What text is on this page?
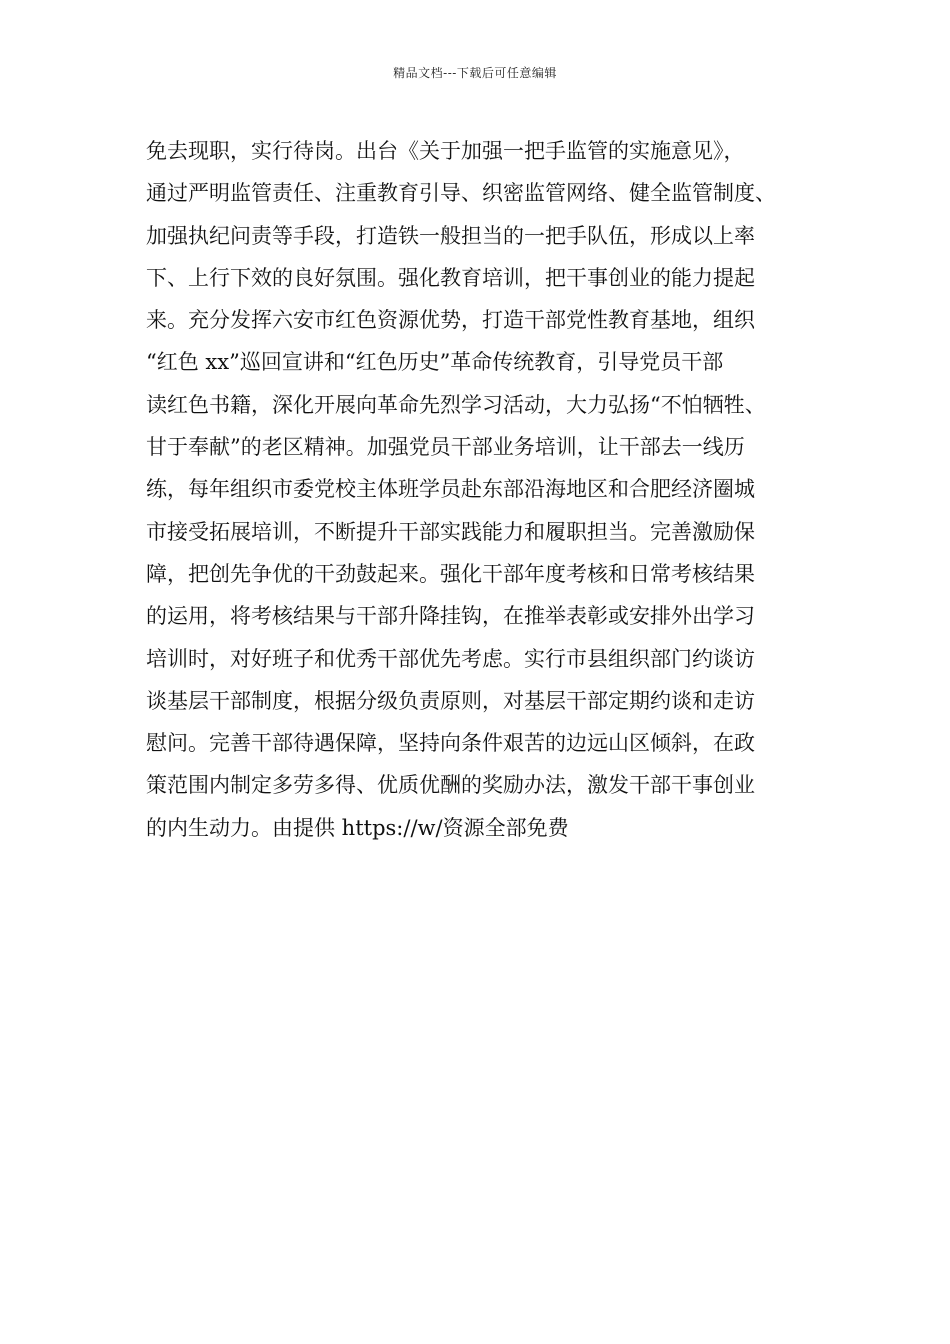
精品文档---下载后可任意编辑
免去现职，实行待岗。出台《关于加强一把手监管的实施意见》，
通过严明监管责任、注重教育引导、织密监管网络、健全监管制度、
加强执纪问责等手段，打造铁一般担当的一把手队伍，形成以上率
下、上行下效的良好氛围。强化教育培训，把干事创业的能力提起
来。充分发挥六安市红色资源优势，打造干部党性教育基地，组织
“红色 xx”巡回宣讲和“红色历史”革命传统教育，引导党员干部
读红色书籍，深化开展向革命先烈学习活动，大力弘扬“不怕牺牲、
甘于奉献”的老区精神。加强党员干部业务培训，让干部去一线历
练，每年组织市委党校主体班学员赴东部沿海地区和合肥经济圈城
市接受拓展培训，不断提升干部实践能力和履职担当。完善激励保
障，把创先争优的干劲鼓起来。强化干部年度考核和日常考核结果
的运用，将考核结果与干部升降挂钩，在推举表彰或安排外出学习
培训时，对好班子和优秀干部优先考虑。实行市县组织部门约谈访
谈基层干部制度，根据分级负责原则，对基层干部定期约谈和走访
慰问。完善干部待遇保障，坚持向条件艰苦的边远山区倾斜，在政
策范围内制定多劳多得、优质优酬的奖励办法，激发干部干事创业
的内生动力。由提供 https://w/资源全部免费
